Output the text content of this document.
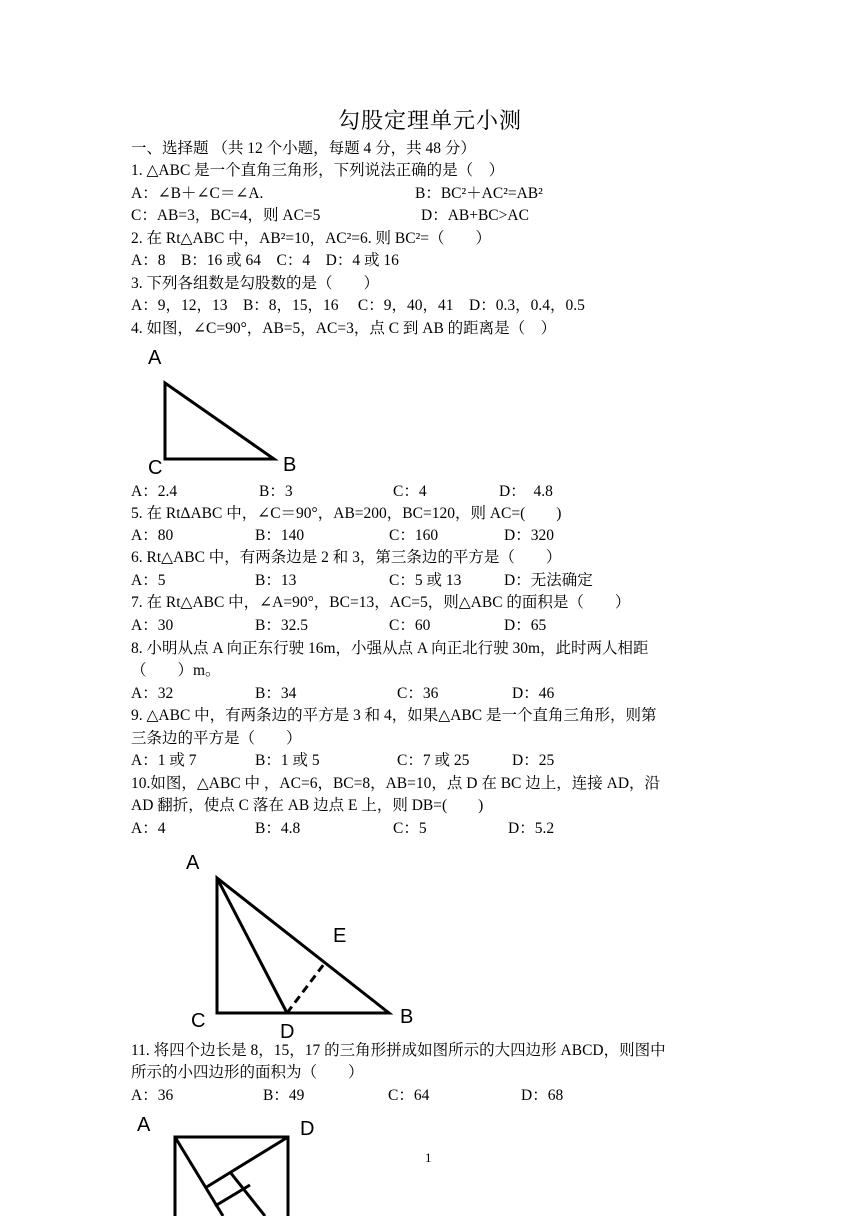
勾股定理单元小测
一、选择题 （共 12 个小题，每题 4 分，共 48 分）
1. △ABC 是一个直角三角形，下列说法正确的是（　）
A：∠B＋∠C＝∠A.	B：BC²＋AC²=AB²
C：AB=3，BC=4，则 AC=5	D：AB+BC>AC
2. 在 Rt△ABC 中，AB²=10，AC²=6. 则 BC²=（　　）
A：8　B：16 或 64　C：4　D：4 或 16
3. 下列各组数是勾股数的是（　　）
A：9，12，13　B：8，15，16　 C：9，40，41　D：0.3，0.4，0.5
4. 如图，∠C=90°，AB=5，AC=3，点 C 到 AB 的距离是（　）
A
C	B
A：2.4	B：3	C：4	D：　4.8
5. 在 RtΔABC 中，∠C＝90°，AB=200，BC=120，则 AC=(　　)
A：80	B：140	C：160	D：320
6. Rt△ABC 中，有两条边是 2 和 3，第三条边的平方是（　　）
A：5	B：13	C：5 或 13	D：无法确定
7. 在 Rt△ABC 中，∠A=90°，BC=13，AC=5，则△ABC 的面积是（　　）
A：30	B：32.5	C：60	D：65
8. 小明从点 A 向正东行驶 16m，小强从点 A 向正北行驶 30m，此时两人相距
（　　）m。
A：32	B：34	C：36	D：46
9. △ABC 中，有两条边的平方是 3 和 4，如果△ABC 是一个直角三角形，则第
三条边的平方是（　　）
A：1 或 7	B：1 或 5	C：7 或 25	D：25
10.如图，△ABC 中 ，AC=6，BC=8，AB=10，点 D 在 BC 边上，连接 AD，沿
AD 翻折，使点 C 落在 AB 边点 E 上，则 DB=(　　)
A：4	B：4.8	C：5	D：5.2
A
E
C	D
B
11. 将四个边长是 8，15，17 的三角形拼成如图所示的大四边形 ABCD，则图中
所示的小四边形的面积为（　　）
A：36	B：49	C：64	D：68
A	D
1
